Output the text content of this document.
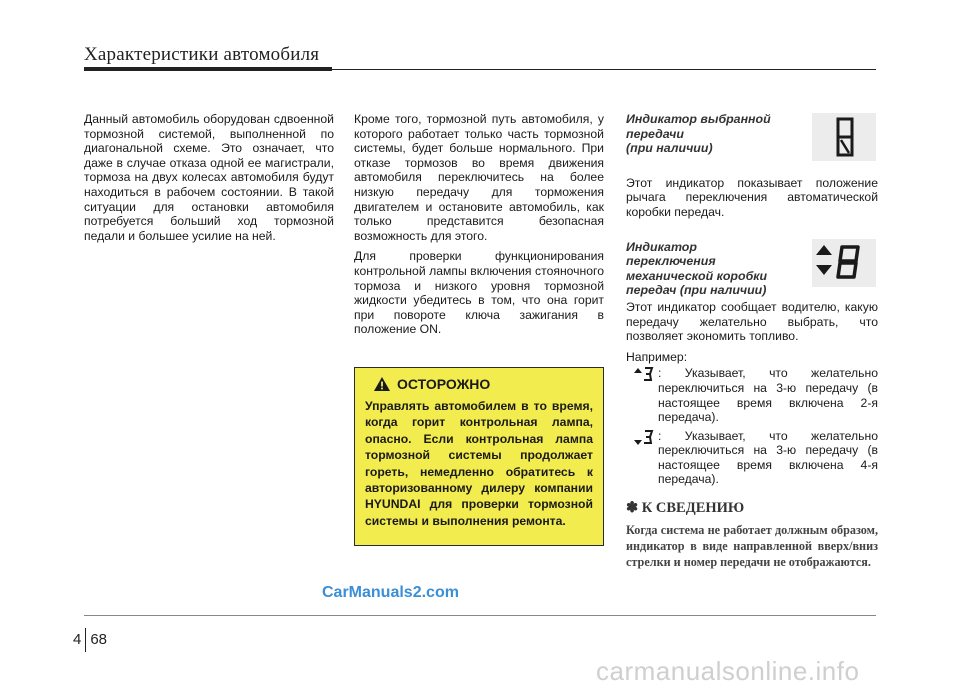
Характеристики автомобиля

Данный автомобиль оборудован сдвоенной тормозной системой, выполненной по диагональной схеме. Это означает, что даже в случае отказа одной ее магистрали, тормоза на двух колесах автомобиля будут находиться в рабочем состоянии. В такой ситуации для остановки автомобиля потребуется больший ход тормозной педали и большее усилие на ней.

Кроме того, тормозной путь автомобиля, у которого работает только часть тормозной системы, будет больше нормального. При отказе тормозов во время движения автомобиля переключитесь на более низкую передачу для торможения двигателем и остановите автомобиль, как только представится безопасная возможность для этого.

Для проверки функционирования контрольной лампы включения стояночного тормоза и низкого уровня тормозной жидкости убедитесь в том, что она горит при повороте ключа зажигания в положение ON.

ОСТОРОЖНО
Управлять автомобилем в то время, когда горит контрольная лампа, опасно. Если контрольная лампа тормозной системы продолжает гореть, немедленно обратитесь к авторизованному дилеру компании HYUNDAI для проверки тормозной системы и выполнения ремонта.
Индикатор выбранной
передачи
(при наличии)

Этот индикатор показывает положение рычага переключения автоматической коробки передач.

Индикатор
переключения
механической коробки
передач (при наличии)

Этот индикатор сообщает водителю, какую передачу желательно выбрать, что позволяет экономить топливо.

Например:

: Указывает, что желательно переключиться на 3-ю передачу (в настоящее время включена 2-я передача).
: Указывает, что желательно переключиться на 3-ю передачу (в настоящее время включена 4-я передача).
✽ К СВЕДЕНИЮ
Когда система не работает должным образом, индикатор в виде направленной вверх/вниз стрелки и номер передачи не отображаются.
CarManuals2.com
4 68
carmanualsonline.info
